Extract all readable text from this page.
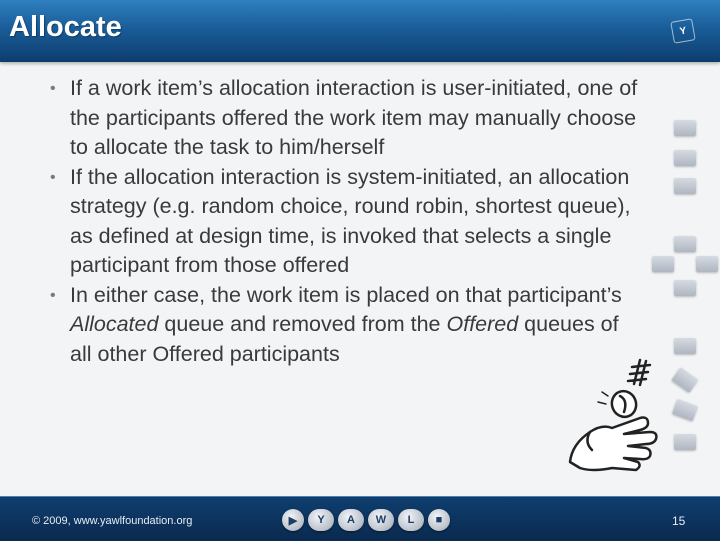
Allocate	Y

• If a work item’s allocation interaction is user-initiated, one of the participants offered the work item may manually choose to allocate the task to him/herself

• If the allocation interaction is system-initiated, an allocation strategy (e.g. random choice, round robin, shortest queue), as defined at design time, is invoked that selects a single participant from those offered

• In either case, the work item is placed on that participant’s Allocated queue and removed from the Offered queues of all other Offered participants

© 2009, www.yawlfoundation.org	▶	Y	A	W	L	■	15
